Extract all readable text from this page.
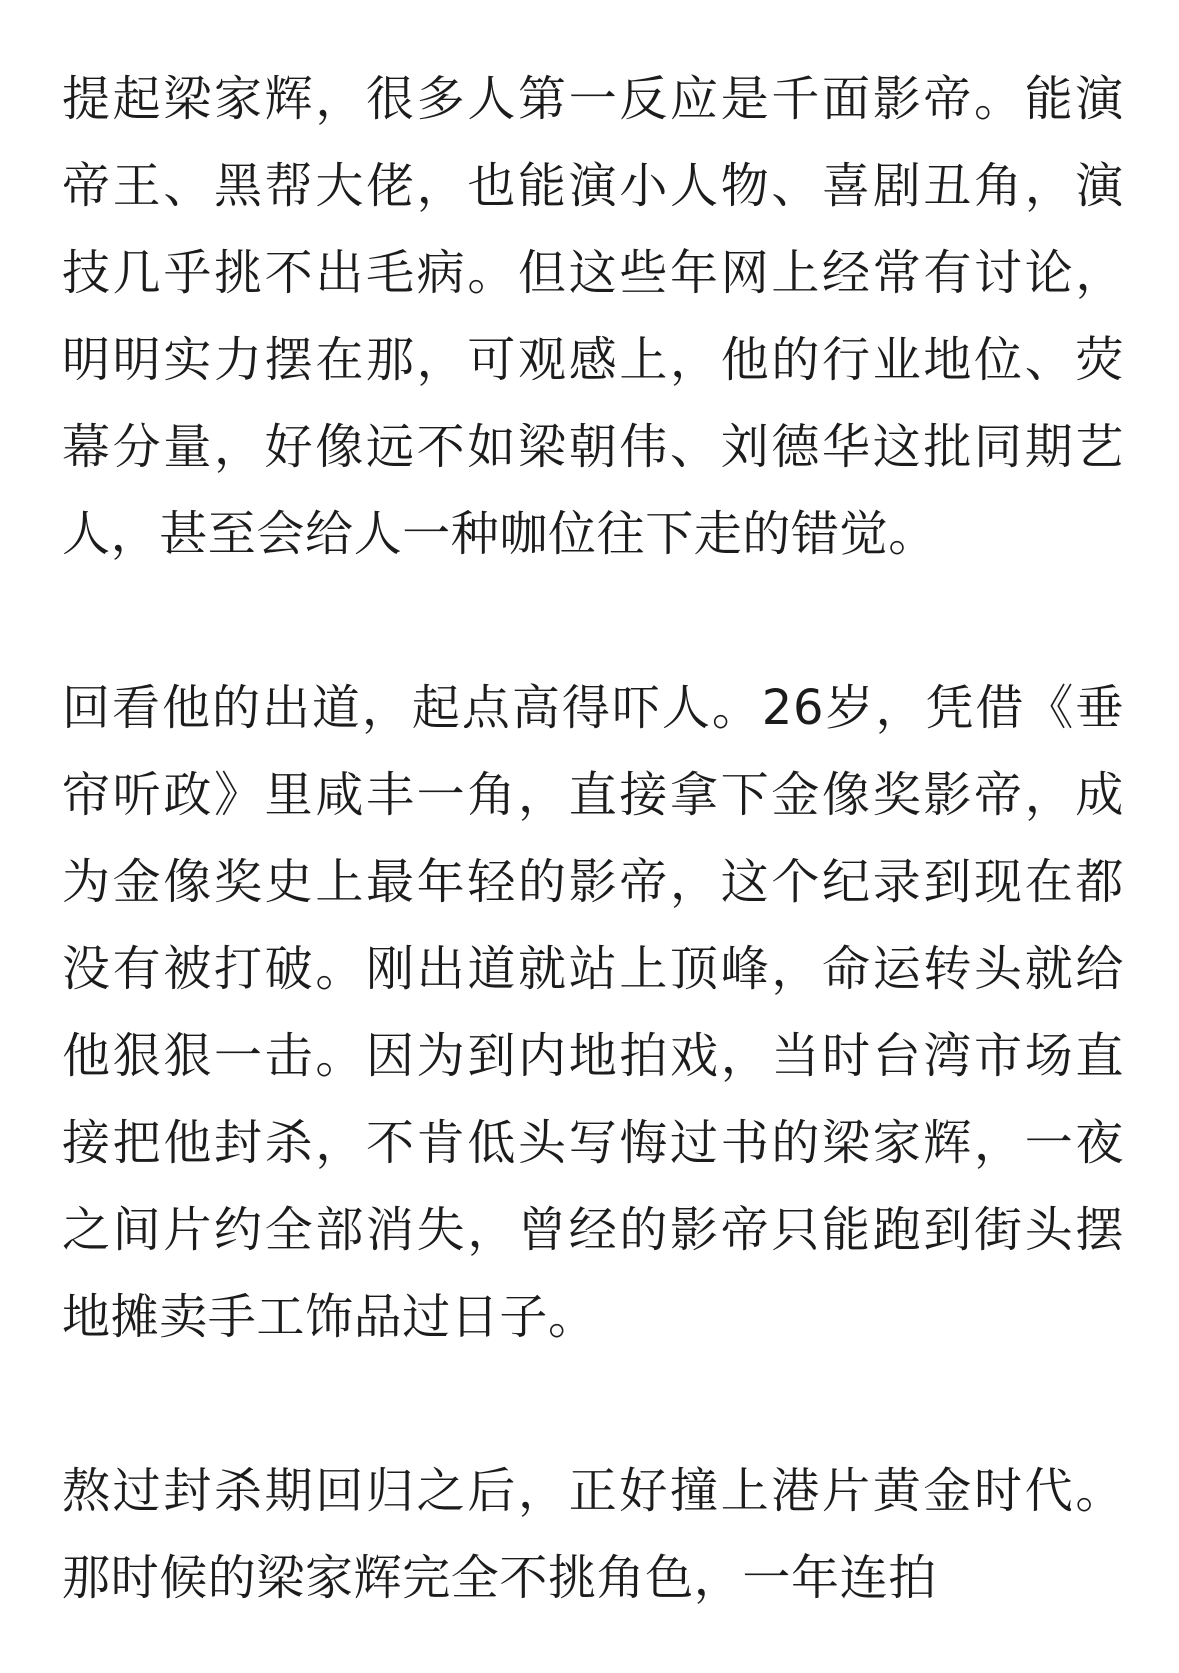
提起梁家辉，很多人第一反应是千面影帝。能演帝王、黑帮大佬，也能演小人物、喜剧丑角，演技几乎挑不出毛病。但这些年网上经常有讨论，明明实力摆在那，可观感上，他的行业地位、荧幕分量，好像远不如梁朝伟、刘德华这批同期艺人，甚至会给人一种咖位往下走的错觉。

回看他的出道，起点高得吓人。26岁，凭借《垂帘听政》里咸丰一角，直接拿下金像奖影帝，成为金像奖史上最年轻的影帝，这个纪录到现在都没有被打破。刚出道就站上顶峰，命运转头就给他狠狠一击。因为到内地拍戏，当时台湾市场直接把他封杀，不肯低头写悔过书的梁家辉，一夜之间片约全部消失，曾经的影帝只能跑到街头摆地摊卖手工饰品过日子。

熬过封杀期回归之后，正好撞上港片黄金时代。那时候的梁家辉完全不挑角色，一年连拍
